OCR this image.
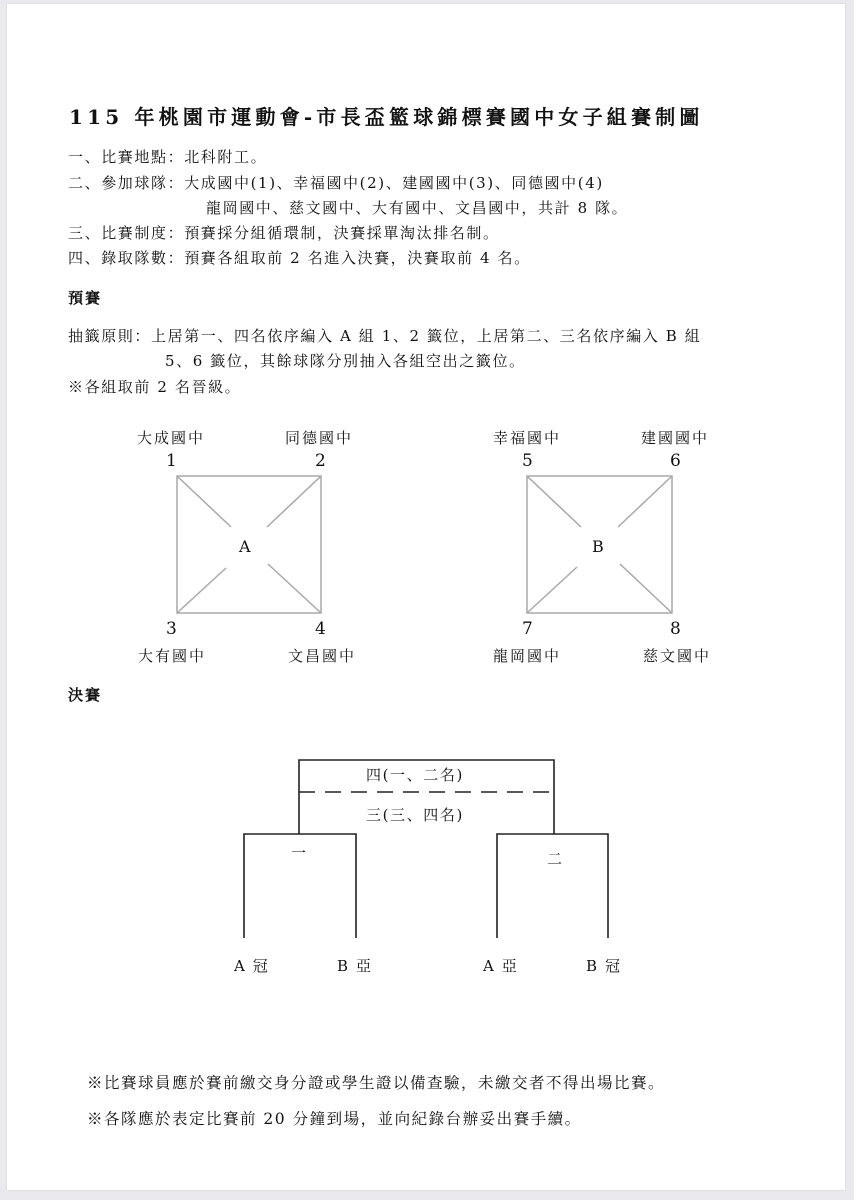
115 年桃園市運動會-市長盃籃球錦標賽國中女子組賽制圖
一、比賽地點：北科附工。
二、參加球隊：大成國中(1)、幸福國中(2)、建國國中(3)、同德國中(4)
龍岡國中、慈文國中、大有國中、文昌國中，共計 8 隊。
三、比賽制度：預賽採分組循環制，決賽採單淘汰排名制。
四、錄取隊數：預賽各組取前 2 名進入決賽，決賽取前 4 名。
預賽
抽籤原則：上居第一、四名依序編入 A 組 1、2 籤位，上居第二、三名依序編入 B 組
5、6 籤位，其餘球隊分別抽入各組空出之籤位。
※各組取前 2 名晉級。
大成國中	同德國中
1	2
A
3	4
大有國中	文昌國中
幸福國中	建國國中
5	6
B
7	8
龍岡國中	慈文國中
決賽
四(一、二名)
三(三、四名)
一	二
A 冠	B 亞	A 亞	B 冠
※比賽球員應於賽前繳交身分證或學生證以備查驗，未繳交者不得出場比賽。
※各隊應於表定比賽前 20 分鐘到場，並向紀錄台辦妥出賽手續。
